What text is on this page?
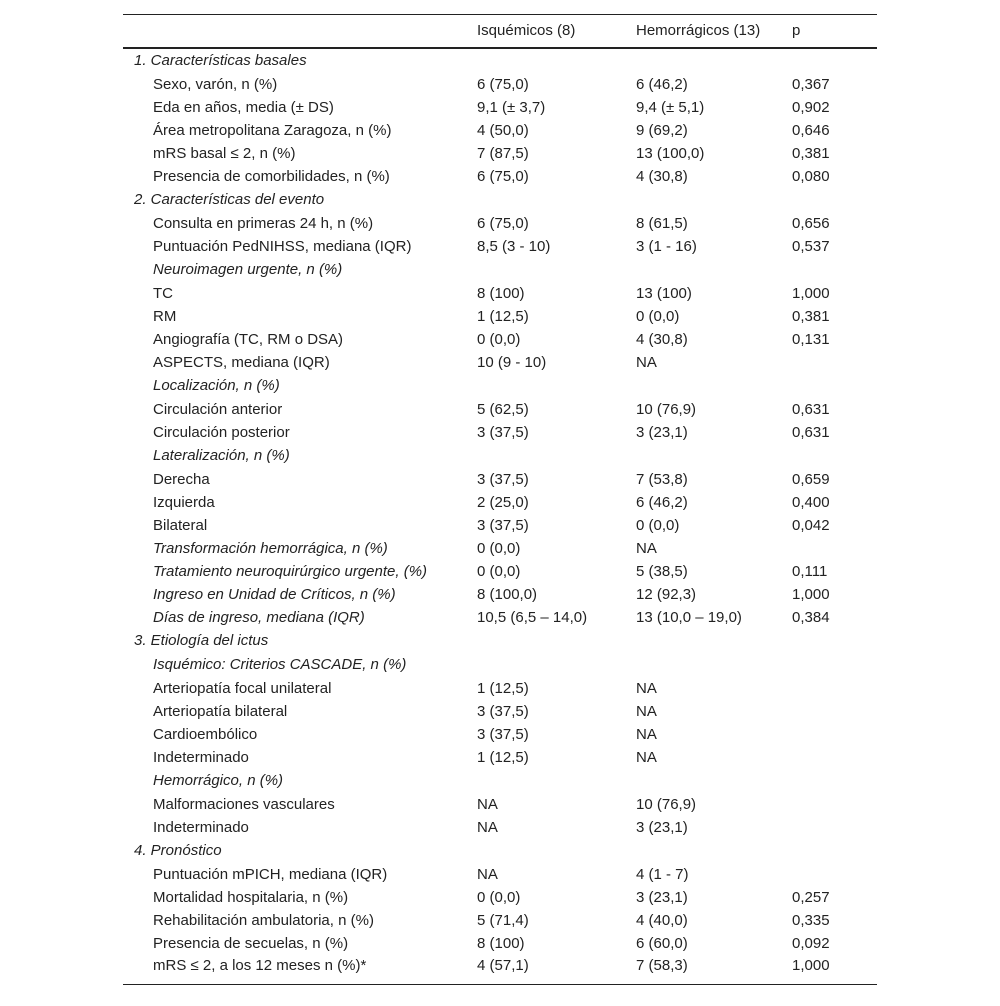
	Isquémicos (8)	Hemorrágicos (13)	p
1. Características basales			
Sexo, varón, n (%)	6 (75,0)	6 (46,2)	0,367
Eda en años, media (± DS)	9,1 (± 3,7)	9,4 (± 5,1)	0,902
Área metropolitana Zaragoza, n (%)	4 (50,0)	9 (69,2)	0,646
mRS basal ≤ 2, n (%)	7 (87,5)	13 (100,0)	0,381
Presencia de comorbilidades, n (%)	6 (75,0)	4 (30,8)	0,080
2. Características del evento			
Consulta en primeras 24 h, n (%)	6 (75,0)	8 (61,5)	0,656
Puntuación PedNIHSS, mediana (IQR)	8,5 (3 - 10)	3 (1 - 16)	0,537
Neuroimagen urgente, n (%)			
TC	8 (100)	13 (100)	1,000
RM	1 (12,5)	0 (0,0)	0,381
Angiografía (TC, RM o DSA)	0 (0,0)	4 (30,8)	0,131
ASPECTS, mediana (IQR)	10 (9 - 10)	NA	
Localización, n (%)			
Circulación anterior	5 (62,5)	10 (76,9)	0,631
Circulación posterior	3 (37,5)	3 (23,1)	0,631
Lateralización, n (%)			
Derecha	3 (37,5)	7 (53,8)	0,659
Izquierda	2 (25,0)	6 (46,2)	0,400
Bilateral	3 (37,5)	0 (0,0)	0,042
Transformación hemorrágica, n (%)	0 (0,0)	NA	
Tratamiento neuroquirúrgico urgente, (%)	0 (0,0)	5 (38,5)	0,111
Ingreso en Unidad de Críticos, n (%)	8 (100,0)	12 (92,3)	1,000
Días de ingreso, mediana (IQR)	10,5 (6,5 – 14,0)	13 (10,0 – 19,0)	0,384
3. Etiología del ictus			
Isquémico: Criterios CASCADE, n (%)			
Arteriopatía focal unilateral	1 (12,5)	NA	
Arteriopatía bilateral	3 (37,5)	NA	
Cardioembólico	3 (37,5)	NA	
Indeterminado	1 (12,5)	NA	
Hemorrágico, n (%)			
Malformaciones vasculares	NA	10 (76,9)	
Indeterminado	NA	3 (23,1)	
4. Pronóstico			
Puntuación mPICH, mediana (IQR)	NA	4 (1 - 7)	
Mortalidad hospitalaria, n (%)	0 (0,0)	3 (23,1)	0,257
Rehabilitación ambulatoria, n (%)	5 (71,4)	4 (40,0)	0,335
Presencia de secuelas, n (%)	8 (100)	6 (60,0)	0,092
mRS ≤ 2, a los 12 meses n (%)*	4 (57,1)	7 (58,3)	1,000
